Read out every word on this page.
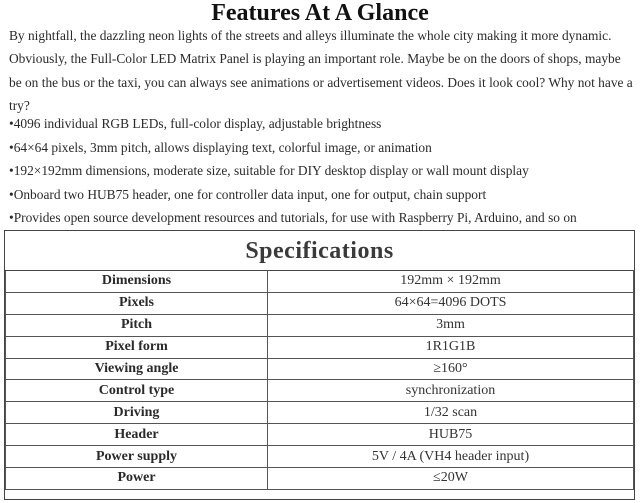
Features At A Glance
By nightfall, the dazzling neon lights of the streets and alleys illuminate the whole city making it more dynamic. Obviously, the Full-Color LED Matrix Panel is playing an important role. Maybe be on the doors of shops, maybe be on the bus or the taxi, you can always see animations or advertisement videos. Does it look cool? Why not have a try?
•4096 individual RGB LEDs, full-color display, adjustable brightness
•64×64 pixels, 3mm pitch, allows displaying text, colorful image, or animation
•192×192mm dimensions, moderate size, suitable for DIY desktop display or wall mount display
•Onboard two HUB75 header, one for controller data input, one for output, chain support
•Provides open source development resources and tutorials, for use with Raspberry Pi, Arduino, and so on
Specifications
Dimensions	192mm × 192mm
Pixels	64×64=4096 DOTS
Pitch	3mm
Pixel form	1R1G1B
Viewing angle	≥160°
Control type	synchronization
Driving	1/32 scan
Header	HUB75
Power supply	5V / 4A (VH4 header input)
Power	≤20W
